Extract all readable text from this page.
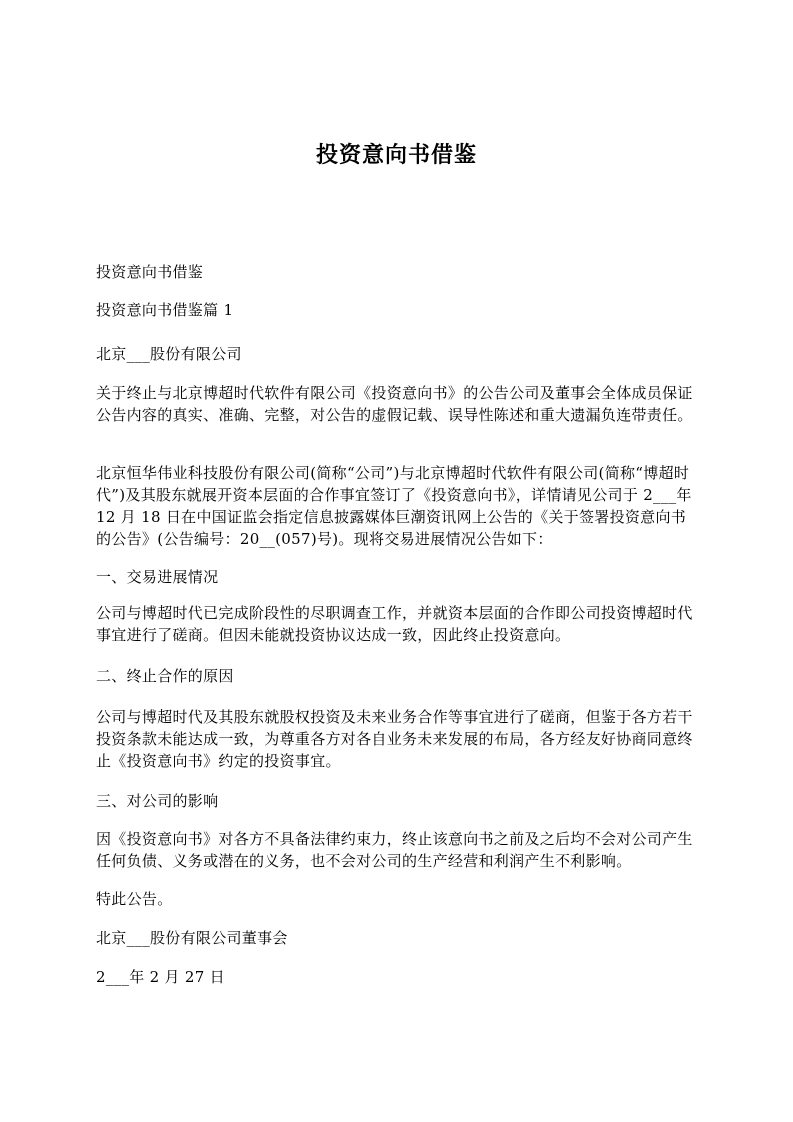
投资意向书借鉴

投资意向书借鉴

投资意向书借鉴篇 1

北京___股份有限公司

关于终止与北京博超时代软件有限公司《投资意向书》的公告公司及董事会全体成员保证公告内容的真实、准确、完整，对公告的虚假记载、误导性陈述和重大遗漏负连带责任。

北京恒华伟业科技股份有限公司(简称“公司”)与北京博超时代软件有限公司(简称“博超时代”)及其股东就展开资本层面的合作事宜签订了《投资意向书》，详情请见公司于 2___年 12 月 18 日在中国证监会指定信息披露媒体巨潮资讯网上公告的《关于签署投资意向书的公告》(公告编号：20__(057)号)。现将交易进展情况公告如下：

一、交易进展情况

公司与博超时代已完成阶段性的尽职调查工作，并就资本层面的合作即公司投资博超时代事宜进行了磋商。但因未能就投资协议达成一致，因此终止投资意向。

二、终止合作的原因

公司与博超时代及其股东就股权投资及未来业务合作等事宜进行了磋商，但鉴于各方若干投资条款未能达成一致，为尊重各方对各自业务未来发展的布局，各方经友好协商同意终止《投资意向书》约定的投资事宜。

三、对公司的影响

因《投资意向书》对各方不具备法律约束力，终止该意向书之前及之后均不会对公司产生任何负债、义务或潜在的义务，也不会对公司的生产经营和利润产生不利影响。

特此公告。

北京___股份有限公司董事会

2___年 2 月 27 日
